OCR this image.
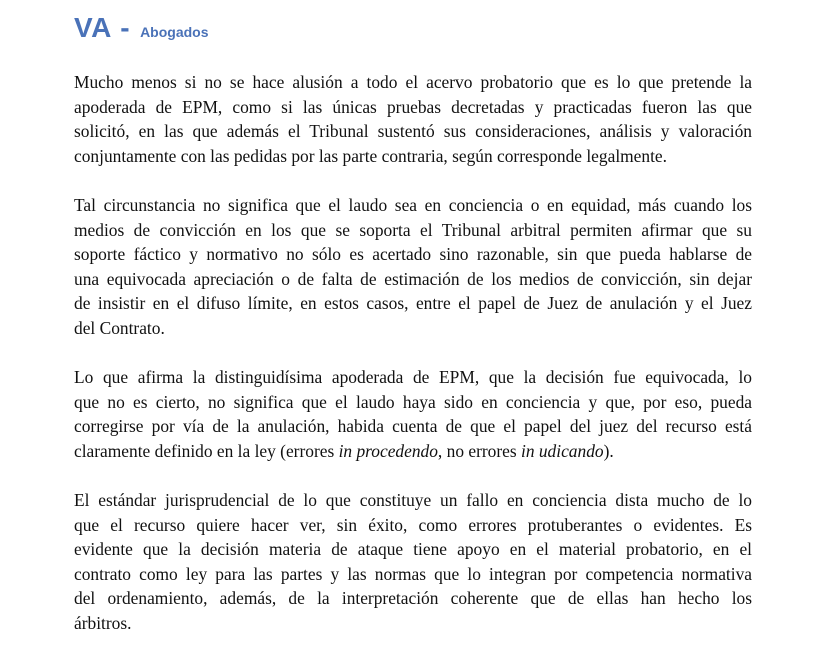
VA - Abogados

Mucho menos si no se hace alusión a todo el acervo probatorio que es lo que pretende la
apoderada de EPM, como si las únicas pruebas decretadas y practicadas fueron las que
solicitó, en las que además el Tribunal sustentó sus consideraciones, análisis y valoración
conjuntamente con las pedidas por las parte contraria, según corresponde legalmente.

Tal circunstancia no significa que el laudo sea en conciencia o en equidad, más cuando los
medios de convicción en los que se soporta el Tribunal arbitral permiten afirmar que su
soporte fáctico y normativo no sólo es acertado sino razonable, sin que pueda hablarse de
una equivocada apreciación o de falta de estimación de los medios de convicción, sin dejar
de insistir en el difuso límite, en estos casos, entre el papel de Juez de anulación y el Juez
del Contrato.

Lo que afirma la distinguidísima apoderada de EPM, que la decisión fue equivocada, lo
que no es cierto, no significa que el laudo haya sido en conciencia y que, por eso, pueda
corregirse por vía de la anulación, habida cuenta de que el papel del juez del recurso está
claramente definido en la ley (errores in procedendo, no errores in udicando).

El estándar jurisprudencial de lo que constituye un fallo en conciencia dista mucho de lo
que el recurso quiere hacer ver, sin éxito, como errores protuberantes o evidentes. Es
evidente que la decisión materia de ataque tiene apoyo en el material probatorio, en el
contrato como ley para las partes y las normas que lo integran por competencia normativa
del ordenamiento, además, de la interpretación coherente que de ellas han hecho los
árbitros.
